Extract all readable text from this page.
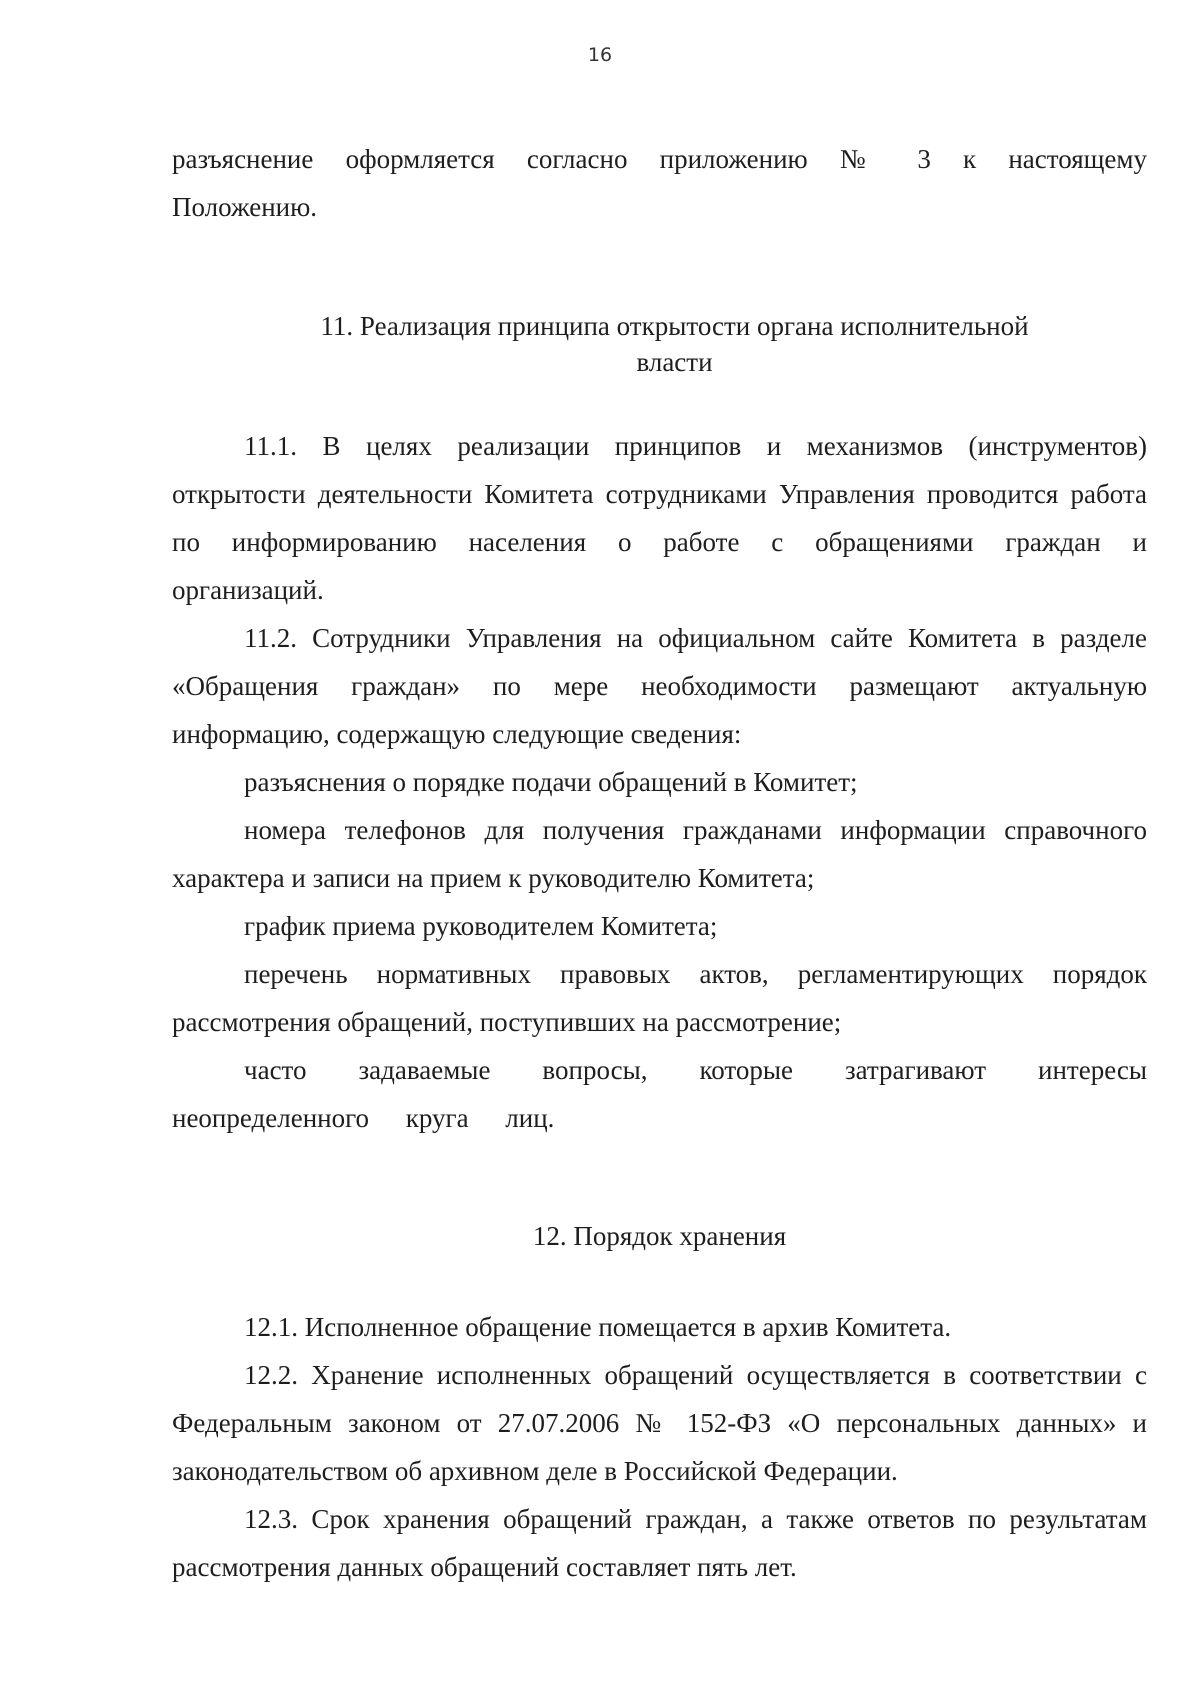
16
разъяснение оформляется согласно приложению № 3 к настоящему
Положению.
11. Реализация принципа открытости органа исполнительной
власти

11.1. В целях реализации принципов и механизмов (инструментов) открытости деятельности Комитета сотрудниками Управления проводится работа по информированию населения о работе с обращениями граждан и организаций.

11.2. Сотрудники Управления на официальном сайте Комитета в разделе «Обращения граждан» по мере необходимости размещают актуальную информацию, содержащую следующие сведения:

разъяснения о порядке подачи обращений в Комитет;

номера телефонов для получения гражданами информации справочного характера и записи на прием к руководителю Комитета;

график приема руководителем Комитета;

перечень нормативных правовых актов, регламентирующих порядок рассмотрения обращений, поступивших на рассмотрение;

часто задаваемые вопросы, которые затрагивают интересы неопределенного круга лиц.

12. Порядок хранения

12.1. Исполненное обращение помещается в архив Комитета.

12.2. Хранение исполненных обращений осуществляется в соответствии с Федеральным законом от 27.07.2006 № 152-ФЗ «О персональных данных» и законодательством об архивном деле в Российской Федерации.

12.3. Срок хранения обращений граждан, а также ответов по результатам рассмотрения данных обращений составляет пять лет.
